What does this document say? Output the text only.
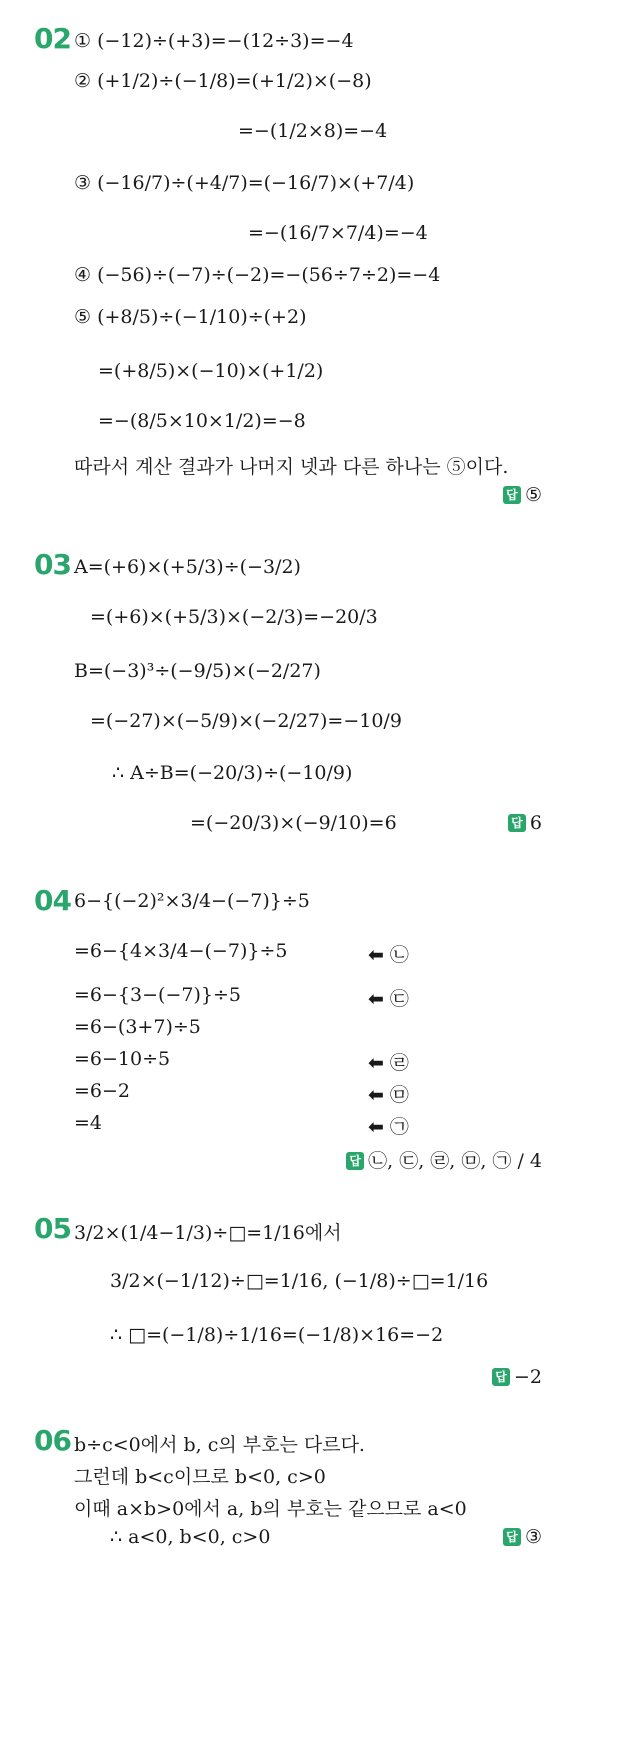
02 ① (−12)÷(+3)=−(12÷3)=−4
② (+1/2)÷(−1/8)=(+1/2)×(−8)
=−(1/2×8)=−4
③ (−16/7)÷(+4/7)=(−16/7)×(+7/4)
=−(16/7×7/4)=−4
④ (−56)÷(−7)÷(−2)=−(56÷7÷2)=−4
⑤ (+8/5)÷(−1/10)÷(+2)
=(+8/5)×(−10)×(+1/2)
=−(8/5×10×1/2)=−8
따라서 계산 결과가 나머지 넷과 다른 하나는 ⑤이다.
답 ⑤
03 A=(+6)×(+5/3)÷(−3/2)
=(+6)×(+5/3)×(−2/3)=−20/3
B=(−3)³÷(−9/5)×(−2/27)
=(−27)×(−5/9)×(−2/27)=−10/9
∴ A÷B=(−20/3)÷(−10/9)
=(−20/3)×(−9/10)=6	답 6
04 6−{(−2)²×3/4−(−7)}÷5
=6−{4×3/4−(−7)}÷5
=6−{3−(−7)}÷5
=6−(3+7)÷5
=6−10÷5
=6−2
=4
⬅ ㉡
⬅ ㉢
⬅ ㉣
⬅ ㉤
⬅ ㉠
답 ㉡, ㉢, ㉣, ㉤, ㉠ / 4
05 3/2×(1/4−1/3)÷□=1/16에서
3/2×(−1/12)÷□=1/16, (−1/8)÷□=1/16
∴ □=(−1/8)÷1/16=(−1/8)×16=−2
답 −2
06 b÷c<0에서 b, c의 부호는 다르다.
그런데 b<c이므로 b<0, c>0
이때 a×b>0에서 a, b의 부호는 같으므로 a<0
∴ a<0, b<0, c>0	답 ③
